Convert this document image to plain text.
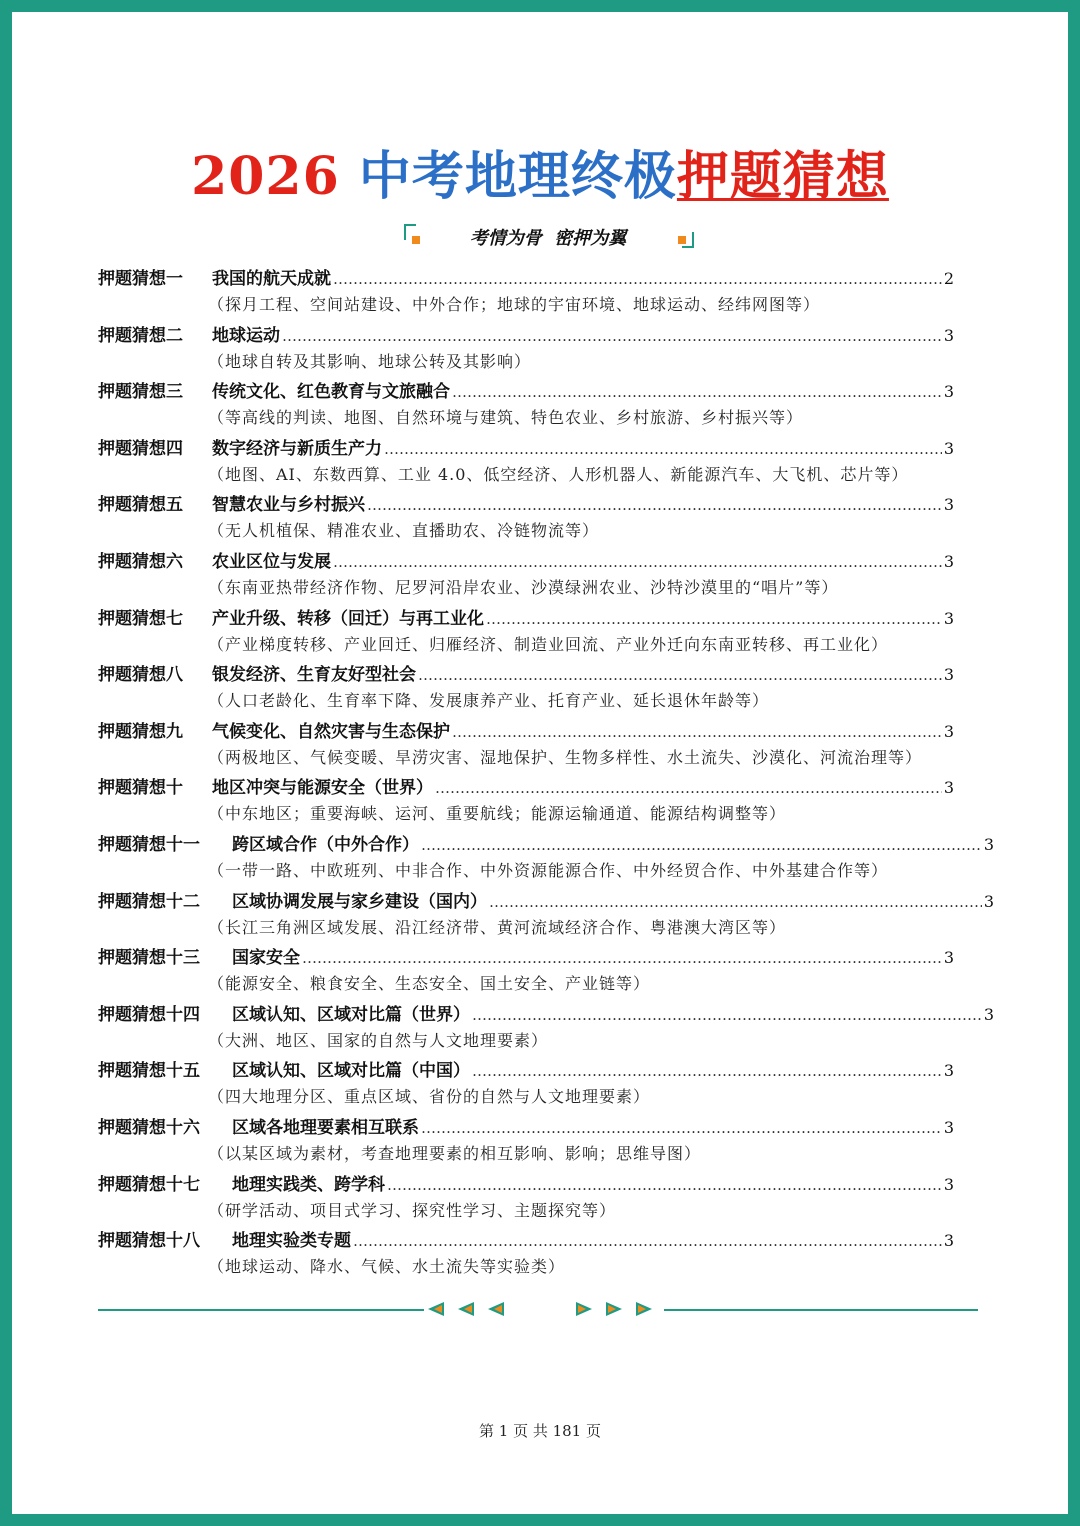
2026 中考地理终极押题猜想
考情为骨  密押为翼
押题猜想一	我国的航天成就 ……………………………………………………………………………………………………………………………………………………………………………………………………………………	2
（探月工程、空间站建设、中外合作；地球的宇宙环境、地球运动、经纬网图等）
押题猜想二	地球运动 ……………………………………………………………………………………………………………………………………………………………………………………………………………………	3
（地球自转及其影响、地球公转及其影响）
押题猜想三	传统文化、红色教育与文旅融合 ……………………………………………………………………………………………………………………………………………………………………………………………………………………	3
（等高线的判读、地图、自然环境与建筑、特色农业、乡村旅游、乡村振兴等）
押题猜想四	数字经济与新质生产力 ……………………………………………………………………………………………………………………………………………………………………………………………………………………	3
（地图、AI、东数西算、工业 4.0、低空经济、人形机器人、新能源汽车、大飞机、芯片等）
押题猜想五	智慧农业与乡村振兴 ……………………………………………………………………………………………………………………………………………………………………………………………………………………	3
（无人机植保、精准农业、直播助农、冷链物流等）
押题猜想六	农业区位与发展 ……………………………………………………………………………………………………………………………………………………………………………………………………………………	3
（东南亚热带经济作物、尼罗河沿岸农业、沙漠绿洲农业、沙特沙漠里的“唱片”等）
押题猜想七	产业升级、转移（回迁）与再工业化 ……………………………………………………………………………………………………………………………………………………………………………………………………………………	3
（产业梯度转移、产业回迁、归雁经济、制造业回流、产业外迁向东南亚转移、再工业化）
押题猜想八	银发经济、生育友好型社会 ……………………………………………………………………………………………………………………………………………………………………………………………………………………	3
（人口老龄化、生育率下降、发展康养产业、托育产业、延长退休年龄等）
押题猜想九	气候变化、自然灾害与生态保护 ……………………………………………………………………………………………………………………………………………………………………………………………………………………	3
（两极地区、气候变暖、旱涝灾害、湿地保护、生物多样性、水土流失、沙漠化、河流治理等）
押题猜想十	地区冲突与能源安全（世界） ……………………………………………………………………………………………………………………………………………………………………………………………………………………	3
（中东地区；重要海峡、运河、重要航线；能源运输通道、能源结构调整等）
押题猜想十一	跨区域合作（中外合作） ……………………………………………………………………………………………………………………………………………………………………………………………………………………	3
（一带一路、中欧班列、中非合作、中外资源能源合作、中外经贸合作、中外基建合作等）
押题猜想十二	区域协调发展与家乡建设（国内） ……………………………………………………………………………………………………………………………………………………………………………………………………………………	3
（长江三角洲区域发展、沿江经济带、黄河流域经济合作、粤港澳大湾区等）
押题猜想十三	国家安全 ……………………………………………………………………………………………………………………………………………………………………………………………………………………	3
（能源安全、粮食安全、生态安全、国土安全、产业链等）
押题猜想十四	区域认知、区域对比篇（世界） ……………………………………………………………………………………………………………………………………………………………………………………………………………………	3
（大洲、地区、国家的自然与人文地理要素）
押题猜想十五	区域认知、区域对比篇（中国） ……………………………………………………………………………………………………………………………………………………………………………………………………………………	3
（四大地理分区、重点区域、省份的自然与人文地理要素）
押题猜想十六	区域各地理要素相互联系 ……………………………………………………………………………………………………………………………………………………………………………………………………………………	3
（以某区域为素材，考查地理要素的相互影响、影响；思维导图）
押题猜想十七	地理实践类、跨学科 ……………………………………………………………………………………………………………………………………………………………………………………………………………………	3
（研学活动、项目式学习、探究性学习、主题探究等）
押题猜想十八	地理实验类专题 ……………………………………………………………………………………………………………………………………………………………………………………………………………………	3
（地球运动、降水、气候、水土流失等实验类）
第 1 页 共 181 页
